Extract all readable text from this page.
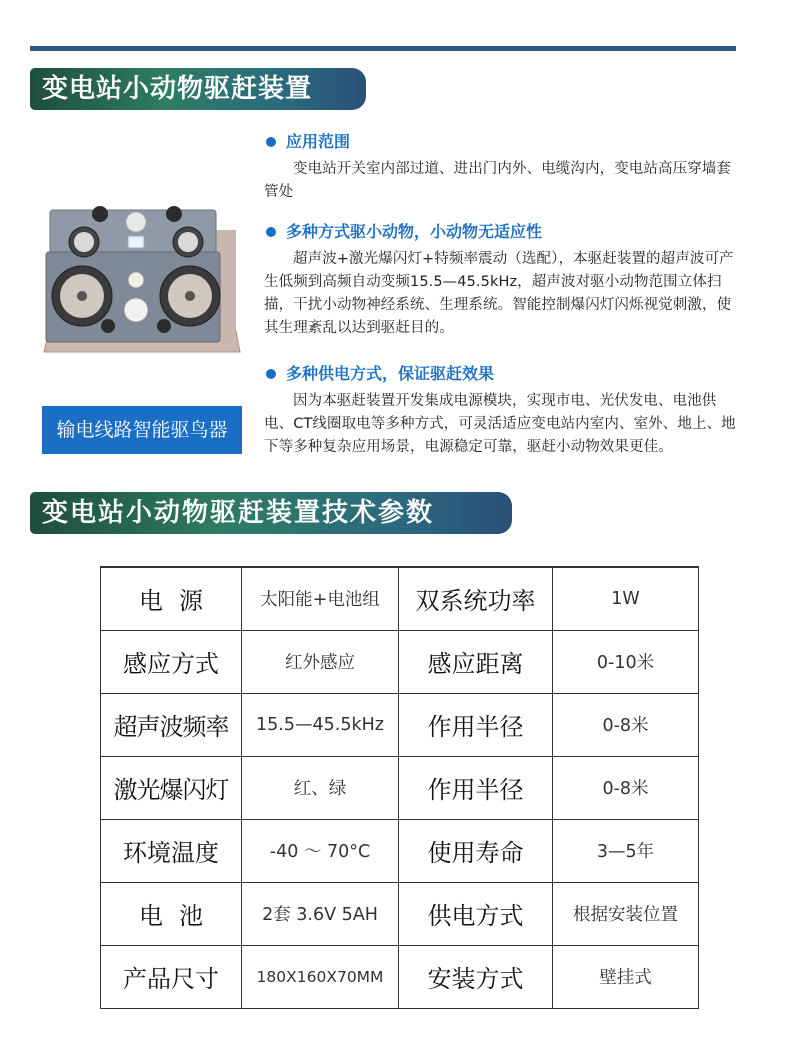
变电站小动物驱赶装置
输电线路智能驱鸟器
应用范围
变电站开关室内部过道、进出门内外、电缆沟内，变电站高压穿墙套管处
多种方式驱小动物，小动物无适应性
超声波+激光爆闪灯+特频率震动（选配），本驱赶装置的超声波可产生低频到高频自动变频15.5—45.5kHz，超声波对驱小动物范围立体扫描，干扰小动物神经系统、生理系统。智能控制爆闪灯闪烁视觉刺激，使其生理紊乱以达到驱赶目的。
多种供电方式，保证驱赶效果
因为本驱赶装置开发集成电源模块，实现市电、光伏发电、电池供电、CT线圈取电等多种方式，可灵活适应变电站内室内、室外、地上、地下等多种复杂应用场景，电源稳定可靠，驱赶小动物效果更佳。
变电站小动物驱赶装置技术参数
电源	太阳能+电池组	双系统功率	1W
感应方式	红外感应	感应距离	0-10米
超声波频率	15.5—45.5kHz	作用半径	0-8米
激光爆闪灯	红、绿	作用半径	0-8米
环境温度	-40 ～ 70°C	使用寿命	3—5年
电池	2套 3.6V 5AH	供电方式	根据安装位置
产品尺寸	180X160X70MM	安装方式	壁挂式
